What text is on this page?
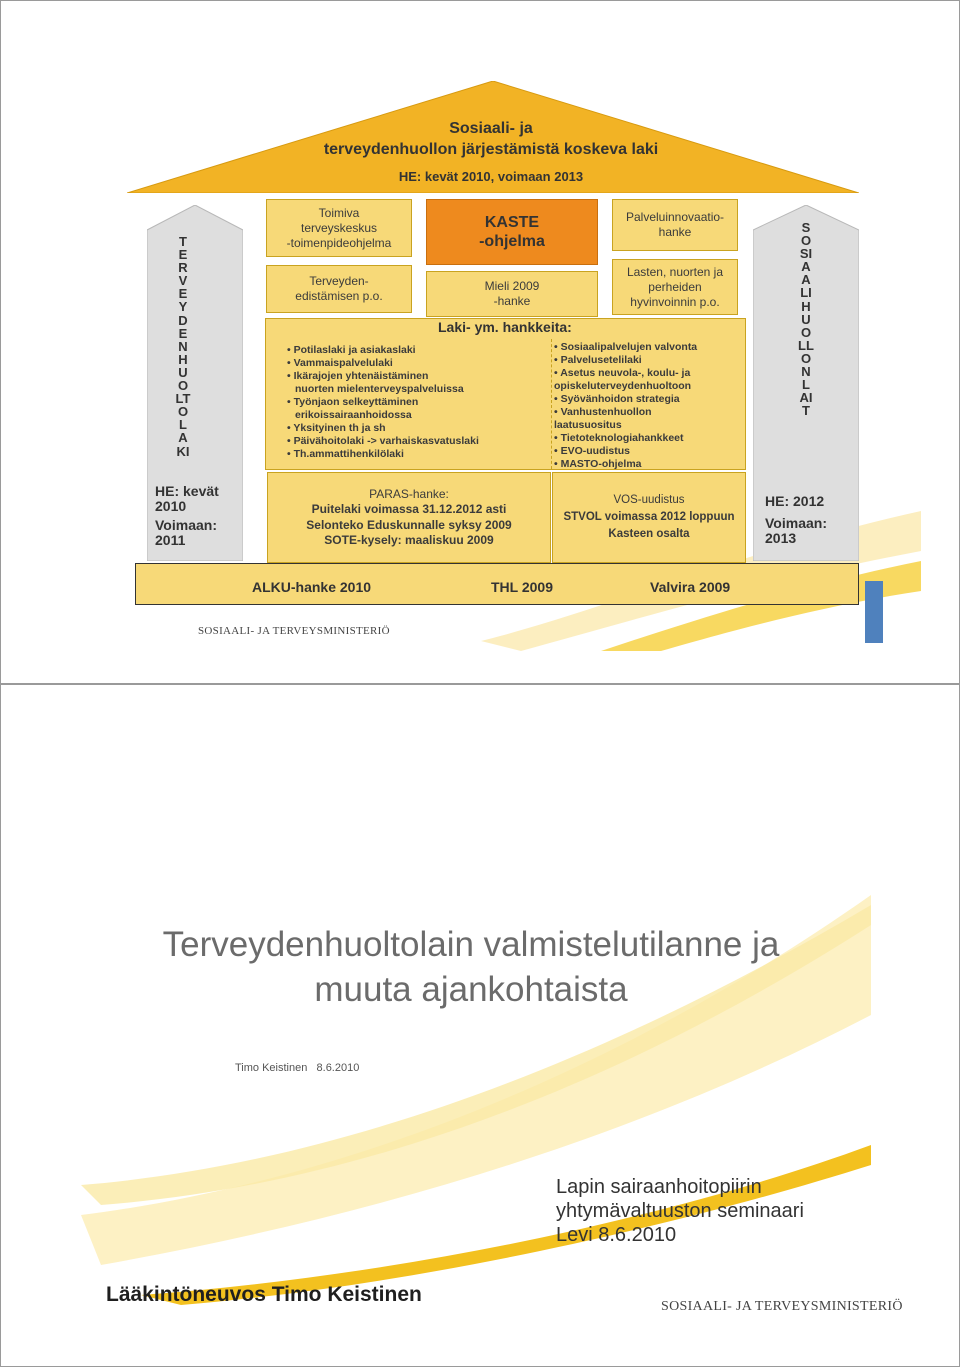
Sosiaali- ja
terveydenhuollon järjestämistä koskeva laki
HE: kevät 2010, voimaan 2013
TERVEYDENHUOLTOLAKI
HE: kevät
2010
Voimaan:
2011
SOSIAALIHUOLLON LAIT
HE: 2012
Voimaan:
2013
Toimiva
terveyskeskus
-toimenpideohjelma
KASTE
-ohjelma
Palveluinnovaatio-
hanke
Terveyden-
edistämisen p.o.
Mieli 2009
-hanke
Lasten, nuorten ja
perheiden
hyvinvoinnin p.o.
Laki- ym. hankkeita:
• Potilaslaki ja asiakaslaki
• Vammaispalvelulaki
• Ikärajojen yhtenäistäminen
nuorten mielenterveyspalveluissa
• Työnjaon selkeyttäminen
erikoissairaanhoidossa
• Yksityinen th ja sh
• Päivähoitolaki -> varhaiskasvatuslaki
• Th.ammattihenkilölaki
• Sosiaalipalvelujen valvonta
• Palvelusetelilaki
• Asetus neuvola-, koulu- ja
opiskeluterveydenhuoltoon
• Syövänhoidon strategia
• Vanhustenhuollon
laatusuositus
• Tietoteknologiahankkeet
• EVO-uudistus
• MASTO-ohjelma
PARAS-hanke:
Puitelaki voimassa 31.12.2012 asti
Selonteko Eduskunnalle syksy 2009
SOTE-kysely: maaliskuu 2009
VOS-uudistus
STVOL voimassa 2012 loppuun
Kasteen osalta
ALKU-hanke 2010	THL 2009	Valvira 2009
SOSIAALI- JA TERVEYSMINISTERIÖ
Terveydenhuoltolain valmistelutilanne ja
muuta ajankohtaista
Timo Keistinen 8.6.2010
Lapin sairaanhoitopiirin
yhtymävaltuuston seminaari
Levi 8.6.2010
Lääkintöneuvos Timo Keistinen
SOSIAALI- JA TERVEYSMINISTERIÖ
